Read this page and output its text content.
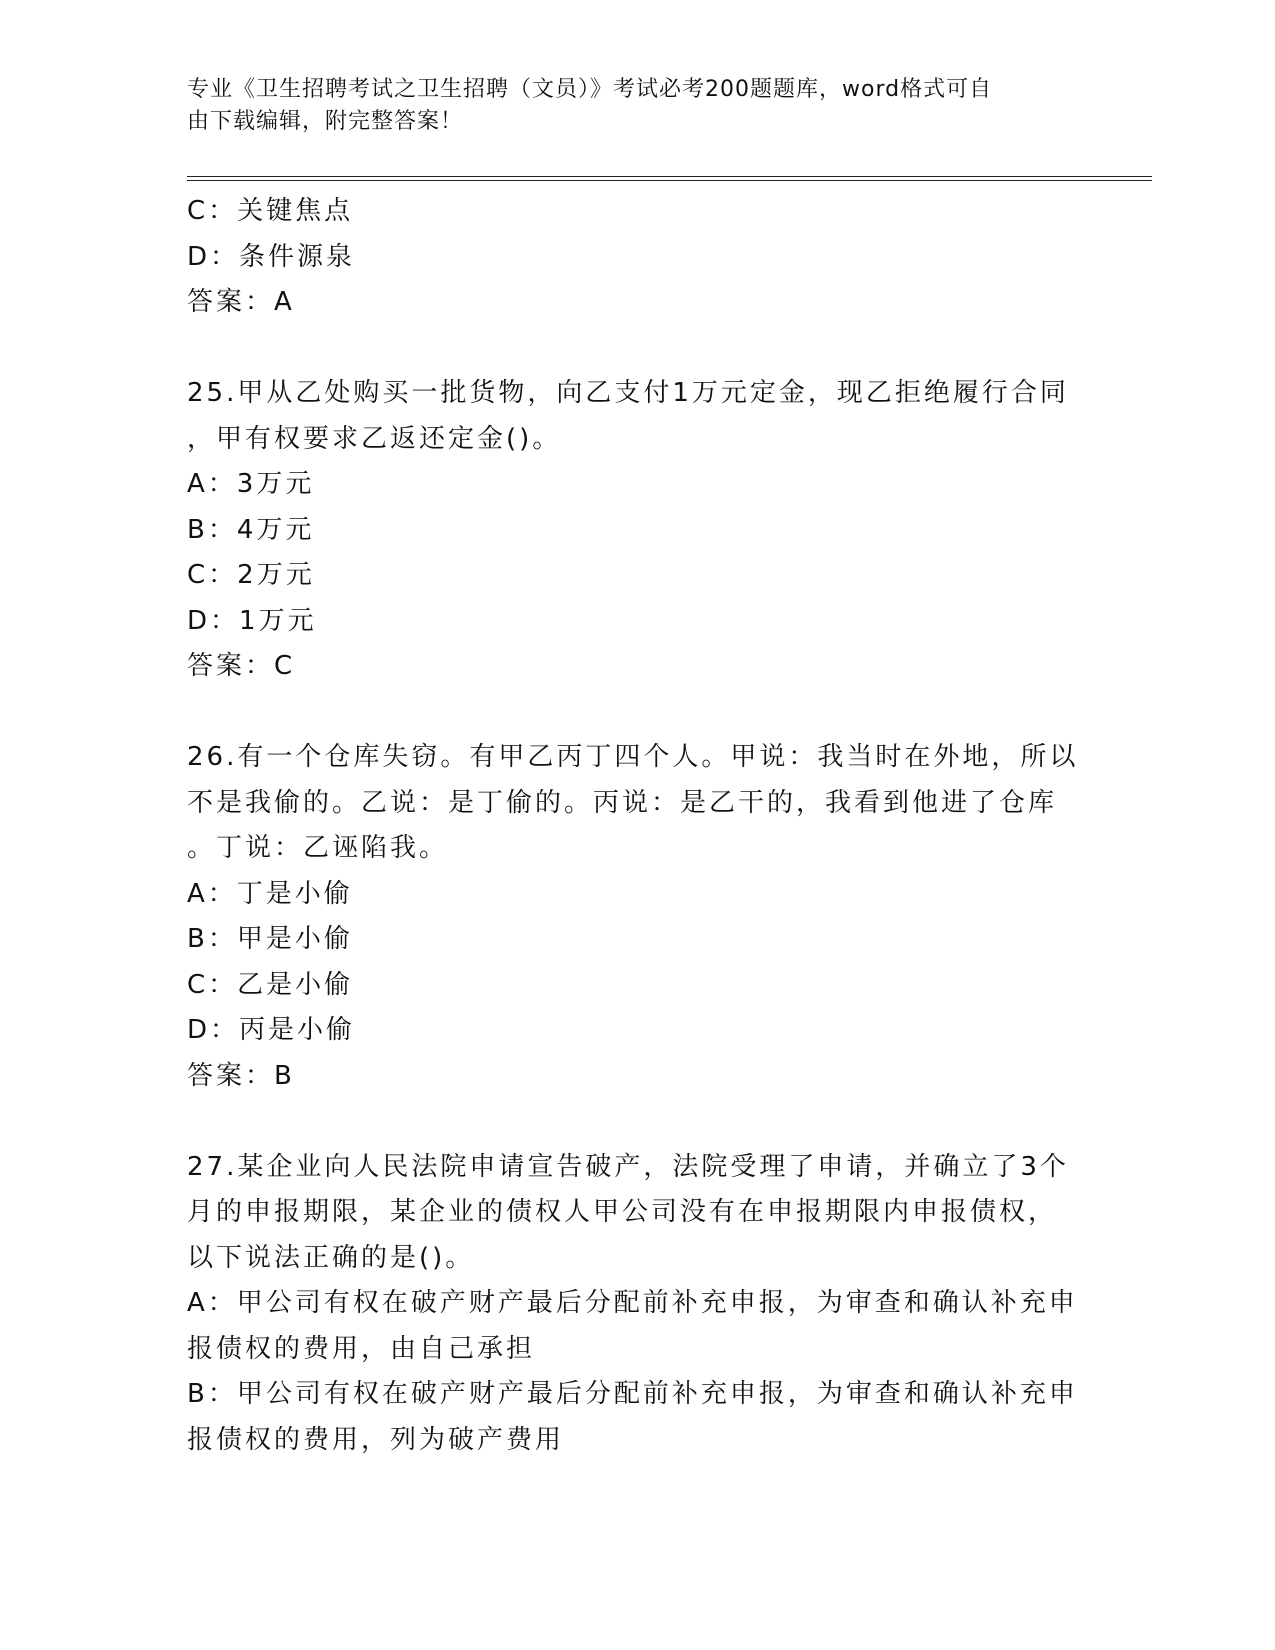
专业《卫生招聘考试之卫生招聘（文员）》考试必考200题题库，word格式可自
由下载编辑，附完整答案！
C：关键焦点
D：条件源泉
答案：A
25.甲从乙处购买一批货物，向乙支付1万元定金，现乙拒绝履行合同
，甲有权要求乙返还定金()。
A：3万元
B：4万元
C：2万元
D：1万元
答案：C
26.有一个仓库失窃。有甲乙丙丁四个人。甲说：我当时在外地，所以
不是我偷的。乙说：是丁偷的。丙说：是乙干的，我看到他进了仓库
。丁说：乙诬陷我。
A：丁是小偷
B：甲是小偷
C：乙是小偷
D：丙是小偷
答案：B
27.某企业向人民法院申请宣告破产，法院受理了申请，并确立了3个
月的申报期限，某企业的债权人甲公司没有在申报期限内申报债权，
以下说法正确的是()。
A：甲公司有权在破产财产最后分配前补充申报，为审查和确认补充申
报债权的费用，由自己承担
B：甲公司有权在破产财产最后分配前补充申报，为审查和确认补充申
报债权的费用，列为破产费用
